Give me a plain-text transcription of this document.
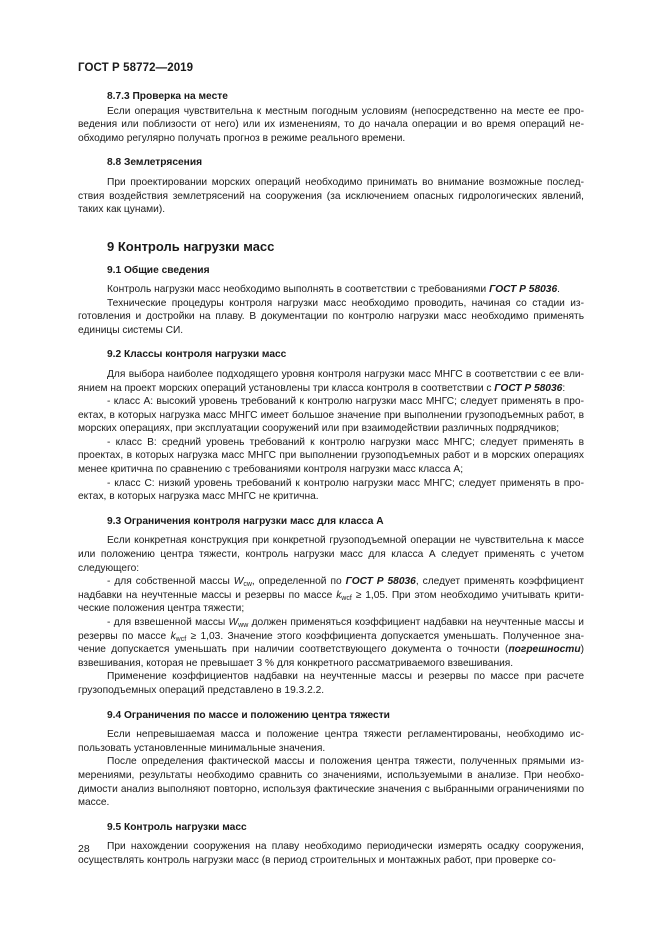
ГОСТ Р 58772—2019
8.7.3 Проверка на месте

Если операция чувствительна к местным погодным условиям (непосредственно на месте ее проведения или поблизости от него) или их изменениям, то до начала операции и во время операций необходимо регулярно получать прогноз в режиме реального времени.

8.8 Землетрясения

При проектировании морских операций необходимо принимать во внимание возможные последствия воздействия землетрясений на сооружения (за исключением опасных гидрологических явлений, таких как цунами).

9 Контроль нагрузки масс
9.1 Общие сведения

Контроль нагрузки масс необходимо выполнять в соответствии с требованиями ГОСТ Р 58036.

Технические процедуры контроля нагрузки масс необходимо проводить, начиная со стадии изготовления и достройки на плаву. В документации по контролю нагрузки масс необходимо применять единицы системы СИ.

9.2 Классы контроля нагрузки масс

Для выбора наиболее подходящего уровня контроля нагрузки масс МНГС в соответствии с ее влиянием на проект морских операций установлены три класса контроля в соответствии с ГОСТ Р 58036:

- класс А: высокий уровень требований к контролю нагрузки масс МНГС; следует применять в проектах, в которых нагрузка масс МНГС имеет большое значение при выполнении грузоподъемных работ, в морских операциях, при эксплуатации сооружений или при взаимодействии различных подрядчиков;

- класс В: средний уровень требований к контролю нагрузки масс МНГС; следует применять в проектах, в которых нагрузка масс МНГС при выполнении грузоподъемных работ и в морских операциях менее критична по сравнению с требованиями контроля нагрузки масс класса А;

- класс С: низкий уровень требований к контролю нагрузки масс МНГС; следует применять в проектах, в которых нагрузка масс МНГС не критична.

9.3 Ограничения контроля нагрузки масс для класса А

Если конкретная конструкция при конкретной грузоподъемной операции не чувствительна к массе или положению центра тяжести, контроль нагрузки масс для класса А следует применять с учетом следующего:

- для собственной массы $W_{cw}$, определенной по ГОСТ Р 58036, следует применять коэффициент надбавки на неучтенные массы и резервы по массе $k_{wcf} \ge 1,05$. При этом необходимо учитывать критические положения центра тяжести;

- для взвешенной массы $W_{ww}$ должен применяться коэффициент надбавки на неучтенные массы и резервы по массе $k_{wcf} \ge 1,03$. Значение этого коэффициента допускается уменьшать. Полученное значение допускается уменьшать при наличии соответствующего документа о точности (погрешности) взвешивания, которая не превышает 3 % для конкретного рассматриваемого взвешивания.

Применение коэффициентов надбавки на неучтенные массы и резервы по массе при расчете грузоподъемных операций представлено в 19.3.2.2.

9.4 Ограничения по массе и положению центра тяжести

Если непревышаемая масса и положение центра тяжести регламентированы, необходимо использовать установленные минимальные значения.

После определения фактической массы и положения центра тяжести, полученных прямыми измерениями, результаты необходимо сравнить со значениями, используемыми в анализе. При необходимости анализ выполняют повторно, используя фактические значения с выбранными ограничениями по массе.

9.5 Контроль нагрузки масс

При нахождении сооружения на плаву необходимо периодически измерять осадку сооружения, осуществлять контроль нагрузки масс (в период строительных и монтажных работ, при проверке со-

28
